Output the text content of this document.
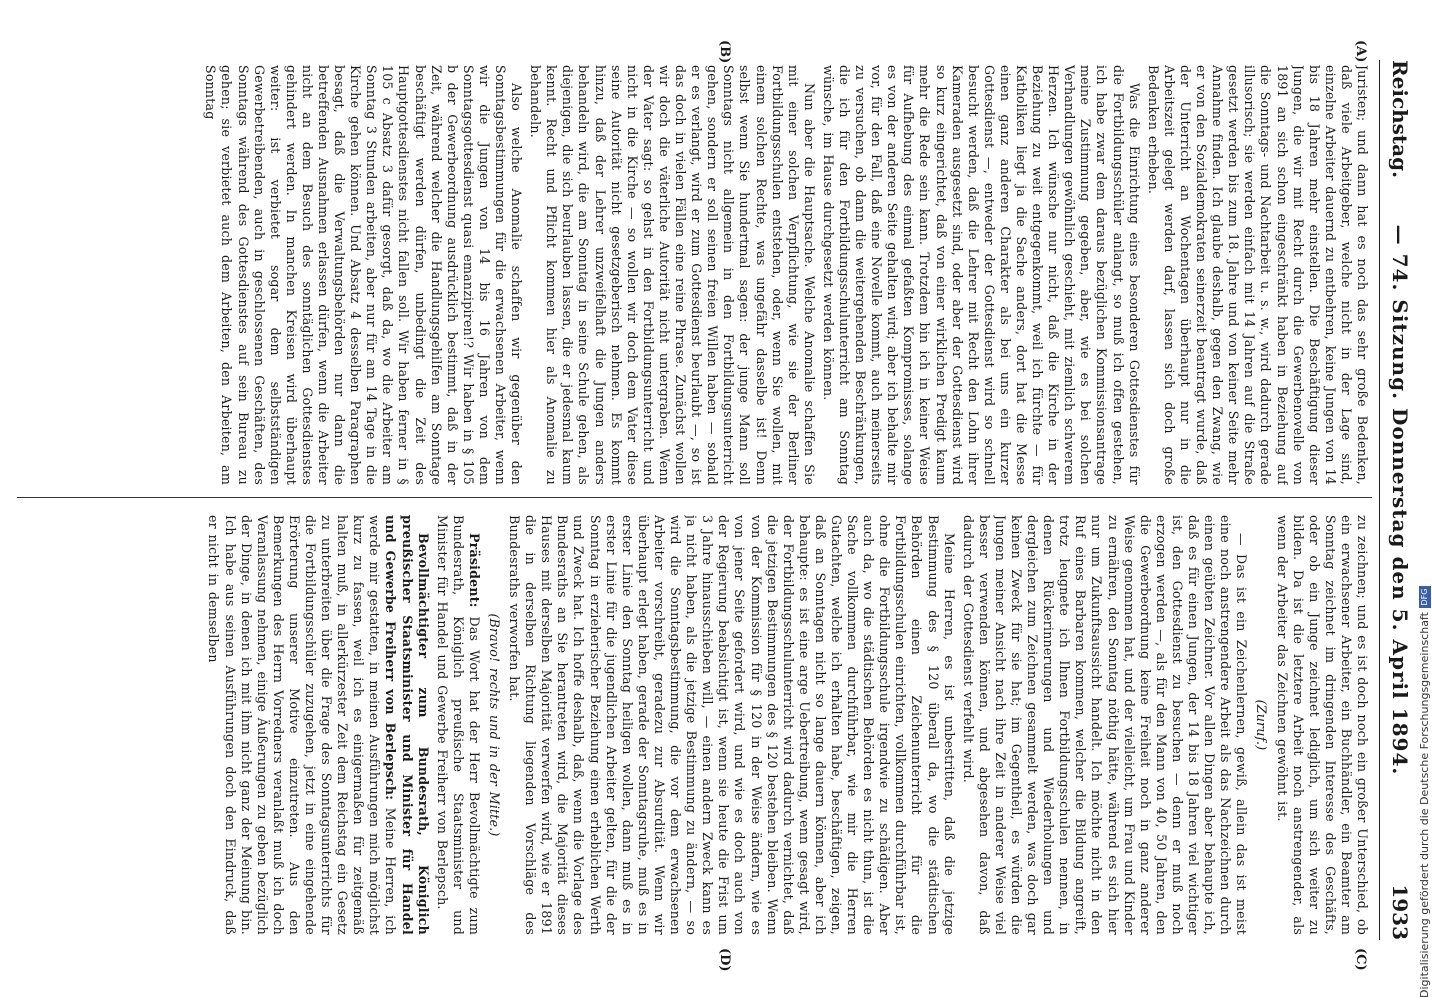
Reichstag.
— 74. Sitzung. Donnerstag den 5. April 1894.
1933
(A)
(B)
(C)
(D)

Juristen; und dann hat es noch das sehr große Bedenken, daß viele Arbeitgeber, welche nicht in der Lage sind, einzelne Arbeiter dauernd zu entbehren, keine Jungen von 14 bis 18 Jahren mehr einstellen. Die Beschäftigung dieser Jungen, die wir mit Recht durch die Gewerbenovelle von 1891 an sich schon eingeschränkt haben in Beziehung auf die Sonntags- und Nachtarbeit u. s. w., wird dadurch gerade illusorisch; sie werden einfach mit 14 Jahren auf die Straße gesetzt werden bis zum 18. Jahre und von keiner Seite mehr Annahme finden. Ich glaube deshalb, gegen den Zwang, wie er von den Sozialdemokraten seinerzeit beantragt wurde, daß der Unterricht an Wochentagen überhaupt nur in die Arbeitszeit gelegt werden darf, lassen sich doch große Bedenken erheben.

Was die Einrichtung eines besonderen Gottesdienstes für die Fortbildungsschüler anlangt, so muß ich offen gestehen, ich habe zwar dem daraus bezüglichen Kommissionsantrage meine Zustimmung gegeben, aber, wie es bei solchen Verhandlungen gewöhnlich geschieht, mit ziemlich schwerem Herzen. Ich wünsche nur nicht, daß die Kirche in der Beziehung zu weit entgegenkommt, weil ich fürchte — für Katholiken liegt ja die Sache anders, dort hat die Messe einen ganz anderen Charakter als bei uns ein kurzer Gottesdienst —, entweder der Gottesdienst wird so schnell besucht werden, daß die Lehrer mit Recht den Lohn ihrer Kameraden ausgesetzt sind, oder aber der Gottesdienst wird so kurz eingerichtet, daß von einer wirklichen Predigt kaum mehr die Rede sein kann. Trotzdem bin ich in keiner Weise für Aufhebung des einmal gefaßten Kompromisses, solange es von der anderen Seite gehalten wird; aber ich behalte mir vor, für den Fall, daß eine Novelle kommt, auch meinerseits zu versuchen, ob dann die weitergehenden Beschränkungen, die ich für den Fortbildungsschulunterricht am Sonntag wünsche, im Hause durchgesetzt werden können.

Nun aber die Hauptsache. Welche Anomalie schaffen Sie mit einer solchen Verpflichtung, wie sie der Berliner Fortbildungsschulen entstehen, oder, wenn Sie wollen, mit einem solchen Rechte, was ungefähr dasselbe ist! Denn selbst wenn Sie hundertmal sagen: der junge Mann soll Sonntags nicht allgemein in den Fortbildungsunterricht gehen, sondern er soll seinen freien Willen haben — sobald er es verlangt, wird er zum Gottesdienst beurlaubt —, so ist das doch in vielen Fällen eine reine Phrase. Zunächst wollen wir doch die väterliche Autorität nicht untergraben. Wenn der Vater sagt: so gehst in den Fortbildungsunterricht und nicht in die Kirche — so wollen wir doch dem Vater diese seine Autorität nicht gesetzgeberisch nehmen. Es kommt hinzu, daß der Lehrer unzweifelhaft die Jungen anders behandeln wird, die am Sonntag in seine Schule gehen, als diejenigen, die sich beurlauben lassen, die er jedesmal kaum kennt. Recht und Pflicht kommen hier als Anomalie zu behandeln.

Also welche Anomalie schaffen wir gegenüber den Sonntagsbestimmungen für die erwachsenen Arbeiter, wenn wir die Jungen von 14 bis 16 Jahren von dem Sonntagsgottesdienst quasi emanzipiren!? Wir haben in § 105 b der Gewerbeordnung ausdrücklich bestimmt, daß in der Zeit, während welcher die Handlungsgehilfen am Sonntage beschäftigt werden dürfen, unbedingt die Zeit des Hauptgottesdienstes nicht fallen soll. Wir haben ferner in § 105 c Absatz 3 dafür gesorgt, daß da, wo die Arbeiter am Sonntag 3 Stunden arbeiten, aber nur für am 14 Tage in die Kirche gehen können. Und Absatz 4 desselben Paragraphen besagt, daß die Verwaltungsbehörden nur dann die betreffenden Ausnahmen erlassen dürfen, wenn die Arbeiter nicht an dem Besuch des sonntäglichen Gottesdienstes gehindert werden. In manchen Kreisen wird überhaupt weiter: ist verbietet sogar dem selbstständigen Gewerbetreibenden, auch in geschlossenen Geschäften, des Sonntags während des Gottesdienstes auf sein Bureau zu gehen; sie verbietet auch dem Arbeiten, den Arbeiten, am Sonntag

zu zeichnen; und es ist doch noch ein großer Unterschied, ob ein erwachsener Arbeiter, ein Buchhändler, ein Beamter am Sonntag zeichnet im dringenden Interesse des Geschäfts, oder ob ein Junge zeichnet lediglich, um sich weiter zu bilden. Da ist die letztere Arbeit noch anstrengender, als wenn der Arbeiter das Zeichnen gewöhnt ist.

(Zuruf.)

— Das ist ein Zeichenlernen, gewiß, allein das ist meist eine noch anstrengendere Arbeit als das Nachzeichnen durch einen geübten Zeichner. Vor allen Dingen aber behaupte ich, daß es für einen Jungen, der 14 bis 18 Jahren viel wichtiger ist, den Gottesdienst zu besuchen — denn er muß noch erzogen werden —, als für den Mann von 40, 50 Jahren, den die Gewerbeordnung keine Freiheit noch in ganz anderer Weise genommen hat, und der vielleicht, um Frau und Kinder zu ernähren, den Sonntag nöthig hätte, während es sich hier nur um Zukunftsaussicht handelt. Ich möchte nicht in den Ruf eines Barbaren kommen, welcher die Bildung angreift, trotz leugnete ich Ihnen Fortbildungsschulen nennen, in denen Rückerinnerungen und Wiederholungen und dergleichen zum Zeichnen gesammelt werden, was doch gar keinen Zweck für sie hat; im Gegentheil, es würden die Jungen meiner Ansicht nach ihre Zeit in anderer Weise viel besser verwenden können, und abgesehen davon, daß dadurch der Gottesdienst verfehlt wird.

Meine Herren, es ist unbestritten, daß die jetzige Bestimmung des § 120 überall da, wo die städtischen Behörden einen Zeichenunterricht für die Fortbildungsschulen einrichten, vollkommen durchführbar ist, ohne die Fortbildungsschule irgendwie zu schädigen. Aber auch da, wo die städtischen Behörden es nicht thun, ist die Sache vollkommen durchführbar, wie mir die Herren Gutachten, welche ich erhalten habe, beschäftigen, zeigen, daß an Sonntagen nicht so lange dauern können, aber ich behaupte: es ist eine arge Uebertreibung, wenn gesagt wird, der Fortbildungsschulunterricht wird dadurch vernichtet, daß die jetzigen Bestimmungen des § 120 bestehen bleiben. Wenn von der Kommission für § 120 in der Weise ändern, wie es von jener Seite gefordert wird, und wie es doch auch von der Regierung beabsichtigt ist, wenn sie heute die Frist um 3 Jahre hinausschieben will, — einen andern Zweck kann es ja nicht haben, als die jetzige Bestimmung zu ändern, — so wird die Sonntagsbestimmung, die vor dem erwachsenen Arbeiter vorschreibt, geradezu zur Absurdität. Wenn wir überhaupt erlegt haben, gerade der Sonntagsruhe, muß es in erster Linie den Sonntag heiligen wollen, dann muß es in erster Linie für die jugendlichen Arbeiter gelten, für die der Sonntag in erzieherischer Beziehung einen erheblichen Werth und Zweck hat. Ich hoffe deshalb, daß, wenn die Vorlage des Bundesraths an Sie herantreten wird, die Majorität dieses Hauses mit derselben Majorität verwerfen wird, wie er 1891 die in derselben Richtung liegenden Vorschläge des Bundesraths verworfen hat.

(Bravo! rechts und in der Mitte.)

Präsident: Das Wort hat der Herr Bevollmächtigte zum Bundesrath, Königlich preußische Staatsminister und Minister für Handel und Gewerbe Freiherr von Berlepsch.

Bevollmächtigter zum Bundesrath, Königlich preußischer Staatsminister und Minister für Handel und Gewerbe Freiherr von Berlepsch: Meine Herren, ich werde mir gestatten, in meinen Ausführungen mich möglichst kurz zu fassen, weil ich es einigermaßen für zeitgemäß halten muß, in allerkürzester Zeit dem Reichstag ein Gesetz zu unterbreiten über die Frage des Sonntagsunterrichts für die Fortbildungsschüler zuzugehen, jetzt in eine eingehende Erörterung unserer Motive einzutreten. Aus den Bemerkungen des Herrn Vorredners veranlaßt muß ich doch Veranlassung nehmen, einige Äußerungen zu geben bezüglich der Dinge, in denen ich mit ihm nicht ganz der Meinung bin. Ich habe aus seinen Ausführungen doch den Eindruck, daß er nicht in demselben

Digitalisierung gefördert durch die Deutsche ForschungsgemeinschaftDFG
